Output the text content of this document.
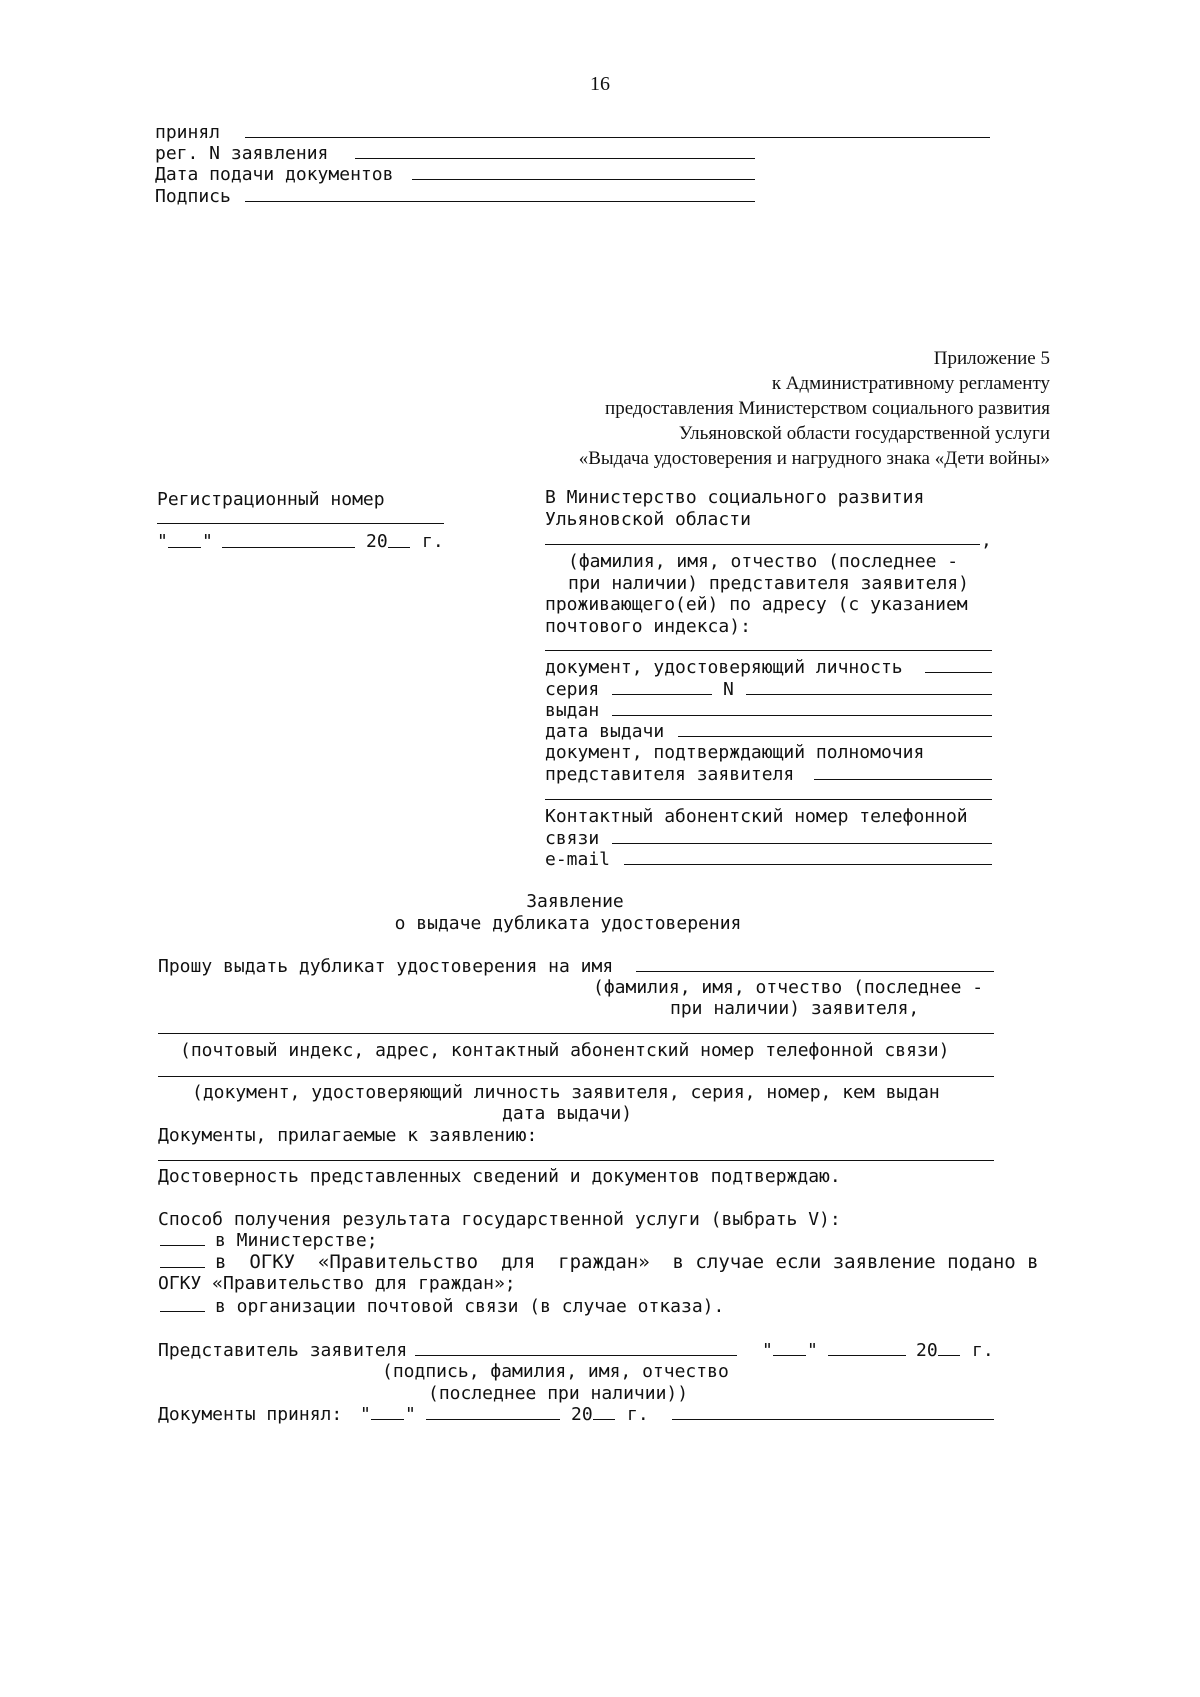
16
принял
рег. N заявления
Дата подачи документов
Подпись
Приложение 5
к Административному регламенту
предоставления Министерством социального развития
Ульяновской области государственной услуги
«Выдача удостоверения и нагрудного знака «Дети войны»
Регистрационный номер
" "	20 г.
В Министерство социального развития
Ульяновской области
,
(фамилия, имя, отчество (последнее -
при наличии) представителя заявителя)
проживающего(ей) по адресу (с указанием
почтового индекса):
документ, удостоверяющий личность
серия	N
выдан
дата выдачи
документ, подтверждающий полномочия
представителя заявителя
Контактный абонентский номер телефонной
связи
e-mail
Заявление
о выдаче дубликата удостоверения
Прошу выдать дубликат удостоверения на имя
(фамилия, имя, отчество (последнее -
при наличии) заявителя,
(почтовый индекс, адрес, контактный абонентский номер телефонной связи)
(документ, удостоверяющий личность заявителя, серия, номер, кем выдан
дата выдачи)
Документы, прилагаемые к заявлению:
Достоверность представленных сведений и документов подтверждаю.
Способ получения результата государственной услуги (выбрать V):
в Министерстве;
в  ОГКУ  «Правительство  для  граждан»  в случае если заявление подано в
ОГКУ «Правительство для граждан»;
в организации почтовой связи (в случае отказа).
Представитель заявителя	" "	20 г.
(подпись, фамилия, имя, отчество
(последнее при наличии))
Документы принял: " "	20 г.
